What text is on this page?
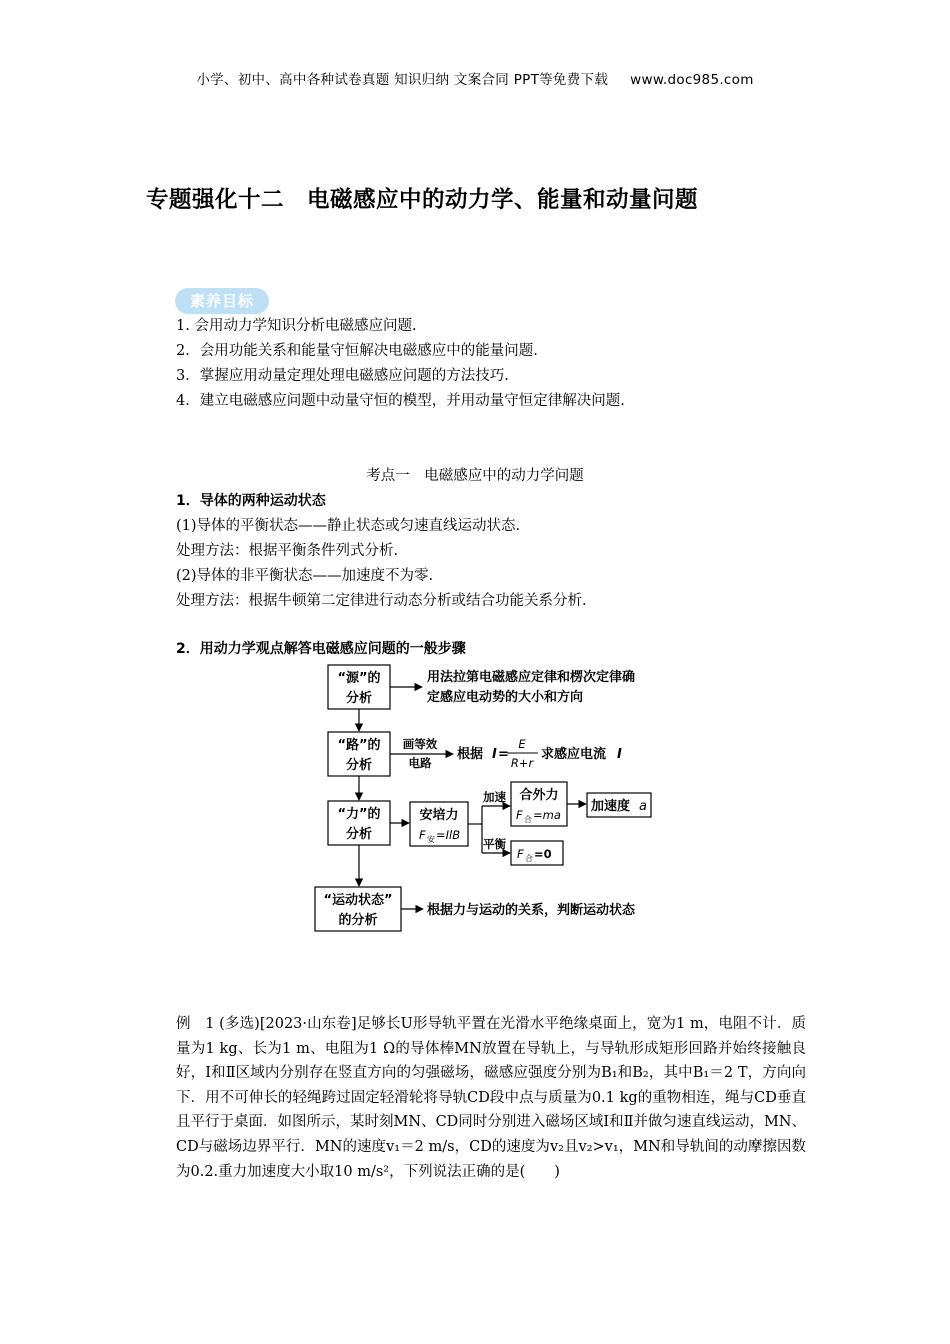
小学、初中、高中各种试卷真题 知识归纳 文案合同 PPT等免费下载 www.doc985.com
专题强化十二　电磁感应中的动力学、能量和动量问题
素养目标
1. 会用动力学知识分析电磁感应问题.
2．会用功能关系和能量守恒解决电磁感应中的能量问题.
3．掌握应用动量定理处理电磁感应问题的方法技巧.
4．建立电磁感应问题中动量守恒的模型，并用动量守恒定律解决问题.
考点一　电磁感应中的动力学问题
1．导体的两种运动状态
(1)导体的平衡状态——静止状态或匀速直线运动状态.
处理方法：根据平衡条件列式分析.
(2)导体的非平衡状态——加速度不为零.
处理方法：根据牛顿第二定律进行动态分析或结合功能关系分析.
2．用动力学观点解答电磁感应问题的一般步骤
“源”的
分析
用法拉第电磁感应定律和楞次定律确
定感应电动势的大小和方向
“路”的
分析
画等效
电路
根据 I =
E
R+r
求感应电流 I
“力”的
分析
安培力
F 安 =IlB
加速
平衡
合外力
F 合 =ma
加速度 a
F 合 =0
“运动状态”
的分析
根据力与运动的关系，判断运动状态

例　1 (多选)[2023·山东卷]足够长U形导轨平置在光滑水平绝缘桌面上，宽为1 m，电阻不计．质量为1 kg、长为1 m、电阻为1 Ω的导体棒MN放置在导轨上，与导轨形成矩形回路并始终接触良好，Ⅰ和Ⅱ区域内分别存在竖直方向的匀强磁场，磁感应强度分别为B₁和B₂，其中B₁＝2 T，方向向下．用不可伸长的轻绳跨过固定轻滑轮将导轨CD段中点与质量为0.1 kg的重物相连，绳与CD垂直且平行于桌面．如图所示，某时刻MN、CD同时分别进入磁场区域Ⅰ和Ⅱ并做匀速直线运动，MN、CD与磁场边界平行．MN的速度v₁＝2 m/s，CD的速度为v₂且v₂>v₁，MN和导轨间的动摩擦因数为0.2.重力加速度大小取10 m/s²，下列说法正确的是(　　)
